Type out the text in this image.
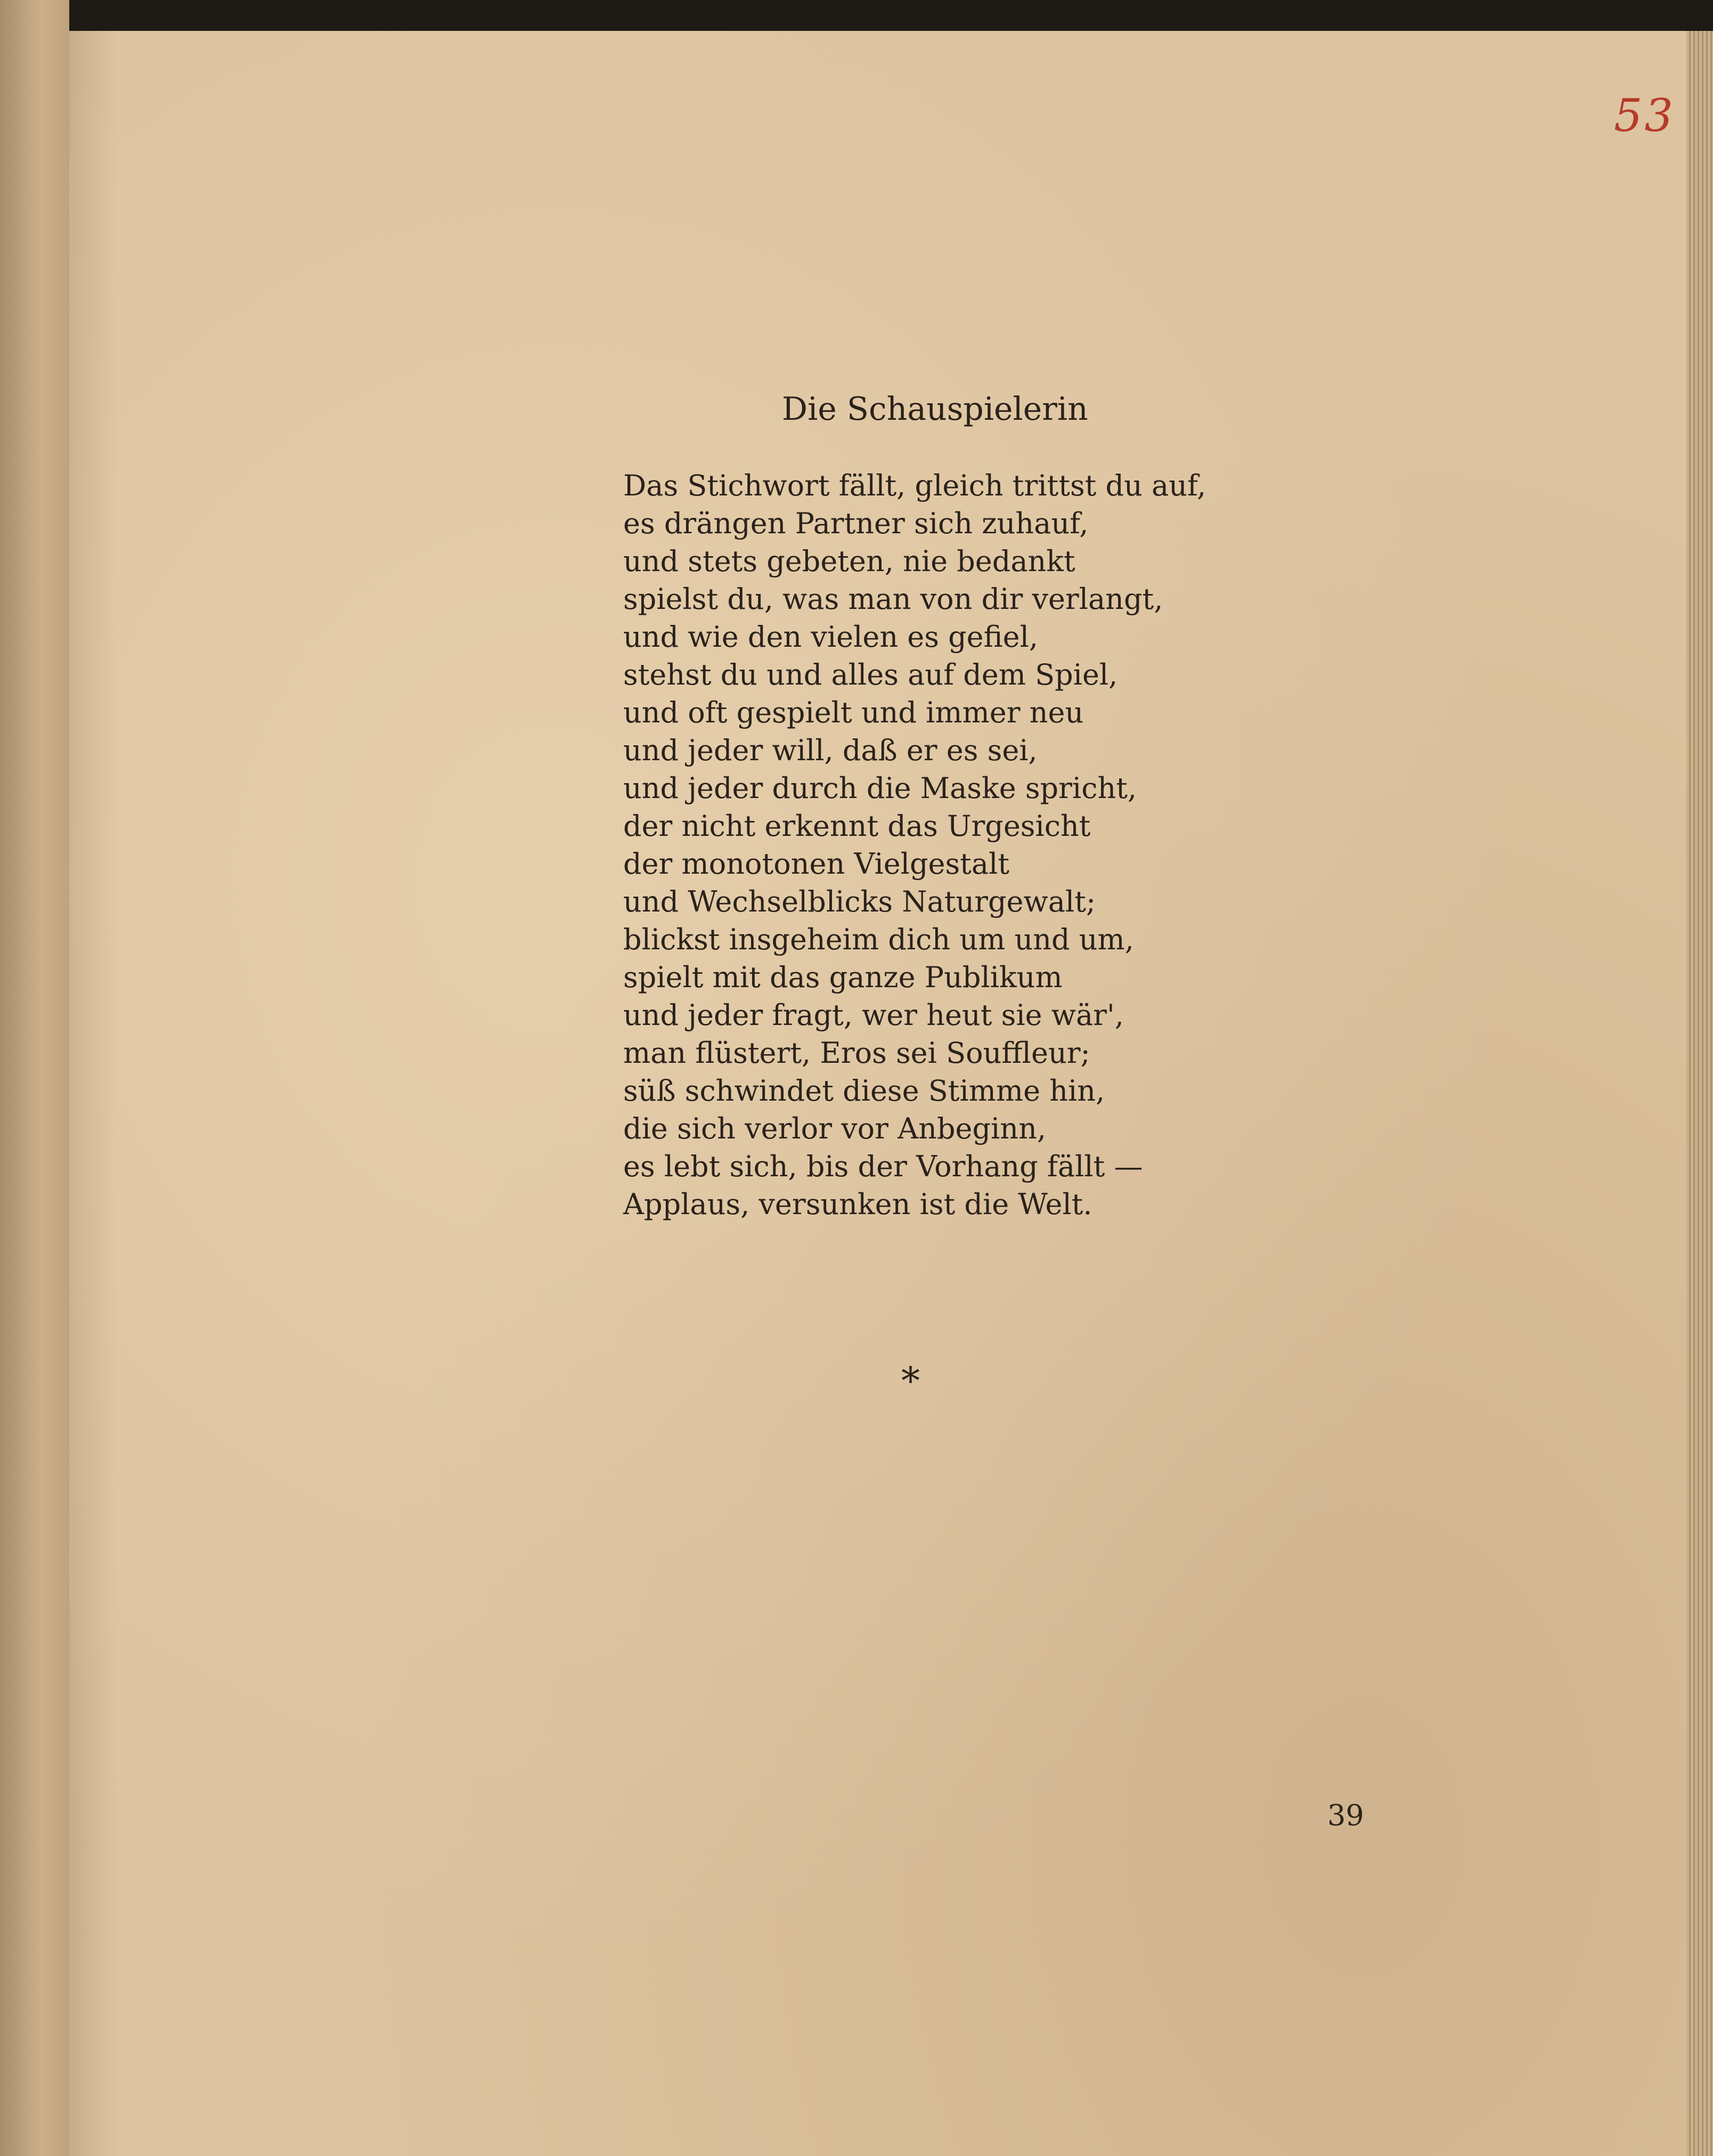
53

Die Schauspielerin
Das Stichwort fällt, gleich trittst du auf,
es drängen Partner sich zuhauf,
und stets gebeten, nie bedankt
spielst du, was man von dir verlangt,
und wie den vielen es gefiel,
stehst du und alles auf dem Spiel,
und oft gespielt und immer neu
und jeder will, daß er es sei,
und jeder durch die Maske spricht,
der nicht erkennt das Urgesicht
der monotonen Vielgestalt
und Wechselblicks Naturgewalt;
blickst insgeheim dich um und um,
spielt mit das ganze Publikum
und jeder fragt, wer heut sie wär',
man flüstert, Eros sei Souffleur;
süß schwindet diese Stimme hin,
die sich verlor vor Anbeginn,
es lebt sich, bis der Vorhang fällt —
Applaus, versunken ist die Welt.

*

39
